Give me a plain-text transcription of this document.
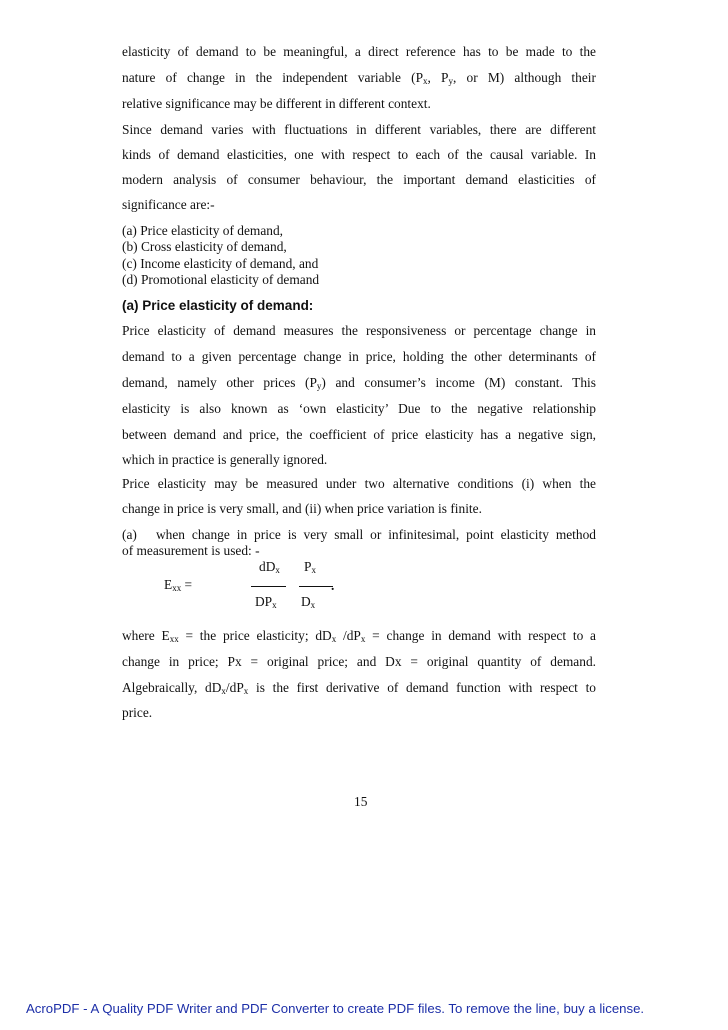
elasticity of demand to be meaningful, a direct reference has to be made to the
nature of change in the independent variable ($P_x$, $P_y$, or M) although their
relative significance may be different in different context.
Since demand varies with fluctuations in different variables, there are different
kinds of demand elasticities, one with respect to each of the causal variable. In
modern analysis of consumer behaviour, the important demand elasticities of
significance are:-
(a) Price elasticity of demand,
(b) Cross elasticity of demand,
(c) Income elasticity of demand, and
(d) Promotional elasticity of demand
(a) Price elasticity of demand:
Price elasticity of demand measures the responsiveness or percentage change in
demand to a given percentage change in price, holding the other determinants of
demand, namely other prices $(P_y)$ and consumer’s income (M) constant. This
elasticity is also known as ‘own elasticity’ Due to the negative relationship
between demand and price, the coefficient of price elasticity has a negative sign,
which in practice is generally ignored.
Price elasticity may be measured under two alternative conditions (i) when the
change in price is very small, and (ii) when price variation is finite.
(a) when change in price is very small or infinitesimal, point elasticity method
of measurement is used: -
$E_{xx}$ =
$dD_x$ $P_x$
.
$DP_x$ $D_x$
where $E_{xx}$ = the price elasticity; $dD_x$ $/dP_x$ = change in demand with respect to a
change in price; Px = original price; and Dx = original quantity of demand.
Algebraically, $dD_x/dP_x$ is the first derivative of demand function with respect to
price.
15
AcroPDF - A Quality PDF Writer and PDF Converter to create PDF files. To remove the line, buy a license.
